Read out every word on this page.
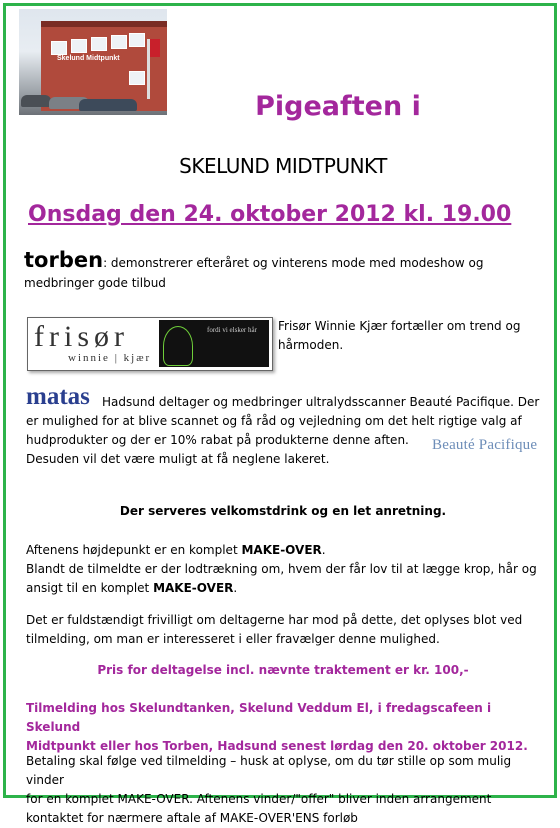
Skelund Midtpunkt
Pigeaften i
SKELUND MIDTPUNKT
Onsdag den 24. oktober 2012 kl. 19.00
torben: demonstrerer efteråret og vinterens mode med modeshow og
medbringer gode tilbud
frisør
winnie | kjær
fordi vi elsker hår Frisør Winnie Kjær fortæller om trend og hårmoden.
matas	Hadsund deltager og medbringer ultralydsscanner Beauté Pacifique. Der
er mulighed for at blive scannet og få råd og vejledning om det helt rigtige valg af
hudprodukter og der er 10% rabat på produkterne denne aften.
Desuden vil det være muligt at få neglene lakeret.
Beauté Pacifique
Der serveres velkomstdrink og en let anretning.
Aftenens højdepunkt er en komplet MAKE-OVER.
Blandt de tilmeldte er der lodtrækning om, hvem der får lov til at lægge krop, hår og
ansigt til en komplet MAKE-OVER.
Det er fuldstændigt frivilligt om deltagerne har mod på dette, det oplyses blot ved
tilmelding, om man er interesseret i eller fravælger denne mulighed.
Pris for deltagelse incl. nævnte traktement er kr. 100,-
Tilmelding hos Skelundtanken, Skelund Veddum El, i fredagscafeen i Skelund
Midtpunkt eller hos Torben, Hadsund senest lørdag den 20. oktober 2012.
Betaling skal følge ved tilmelding – husk at oplyse, om du tør stille op som mulig vinder
for en komplet MAKE-OVER. Aftenens vinder/"offer" bliver inden arrangement
kontaktet for nærmere aftale af MAKE-OVER'ENS forløb
